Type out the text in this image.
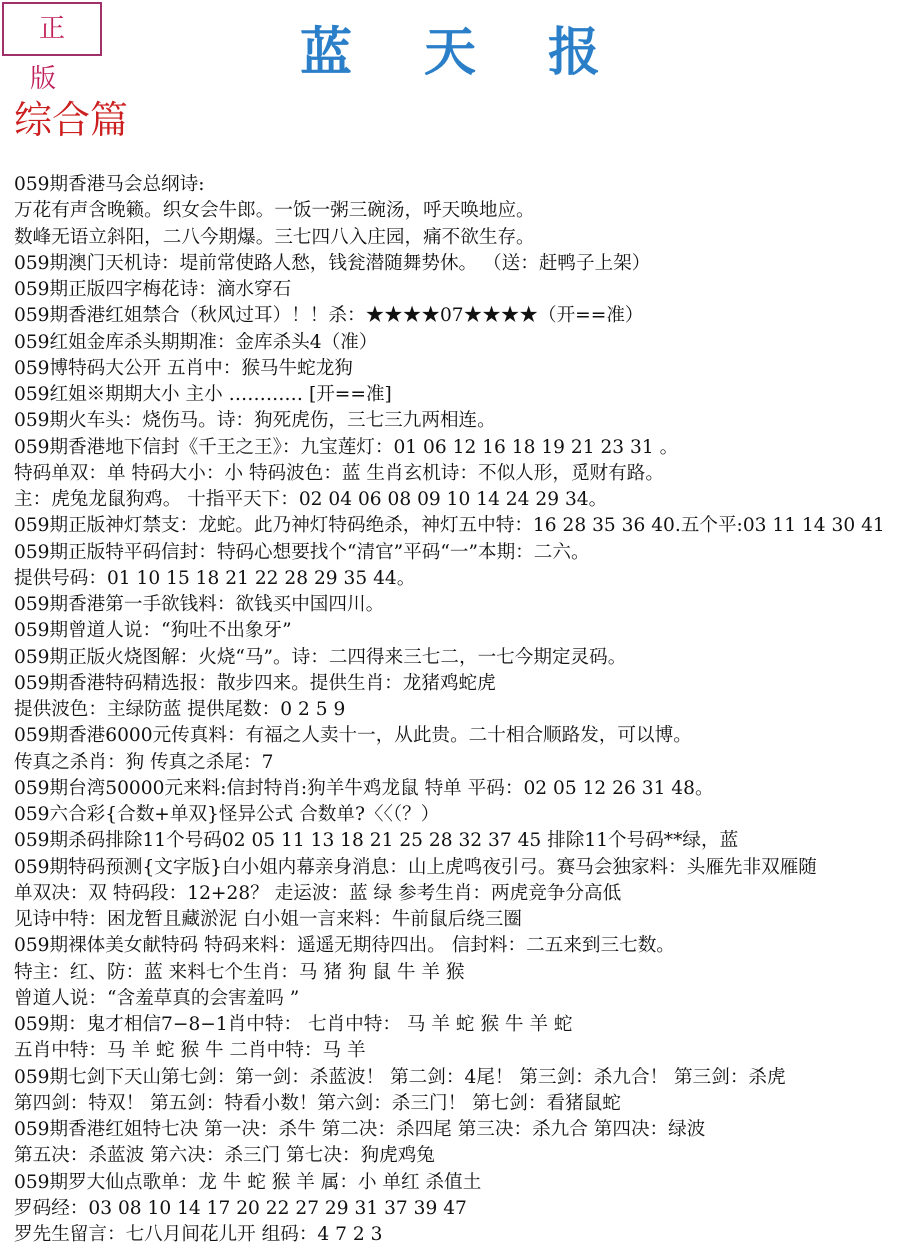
正版	蓝天报
综合篇
059期香港马会总纲诗:
万花有声含晚籁。织女会牛郎。一饭一粥三碗汤，呼天唤地应。
数峰无语立斜阳，二八今期爆。三七四八入庄园，痛不欲生存。
059期澳门天机诗：堤前常使路人愁，钱瓮潜随舞势休。 （送：赶鸭子上架）
059期正版四字梅花诗：滴水穿石
059期香港红姐禁合（秋风过耳）！！杀：★★★★07★★★★（开==准）
059红姐金库杀头期期准：金库杀头4（准）
059博特码大公开 五肖中：猴马牛蛇龙狗
059红姐※期期大小 主小 ………… [开==准]
059期火车头：烧伤马。诗：狗死虎伤，三七三九两相连。
059期香港地下信封《千王之王》：九宝莲灯：01 06 12 16 18 19 21 23 31 。
特码单双：单 特码大小：小 特码波色：蓝 生肖玄机诗：不似人形，觅财有路。
主：虎兔龙鼠狗鸡。 十指平天下：02 04 06 08 09 10 14 24 29 34。
059期正版神灯禁支：龙蛇。此乃神灯特码绝杀，神灯五中特：16 28 35 36 40.五个平:03 11 14 30 41
059期正版特平码信封：特码心想要找个“清官”平码“一”本期：二六。
提供号码：01 10 15 18 21 22 28 29 35 44。
059期香港第一手欲钱料：欲钱买中国四川。
059期曾道人说：“狗吐不出象牙”
059期正版火烧图解：火烧“马”。诗：二四得来三七二，一七今期定灵码。
059期香港特码精选报：散步四来。提供生肖：龙猪鸡蛇虎
提供波色：主绿防蓝 提供尾数：0 2 5 9
059期香港6000元传真料：有福之人卖十一，从此贵。二十相合顺路发，可以博。
传真之杀肖：狗 传真之杀尾：7
059期台湾50000元来料:信封特肖:狗羊牛鸡龙鼠 特单 平码：02 05 12 26 31 48。
059六合彩{合数+单双}怪异公式 合数单?〈〈（？）
059期杀码排除11个号码02 05 11 13 18 21 25 28 32 37 45 排除11个号码**绿，蓝
059期特码预测{文字版}白小姐内幕亲身消息：山上虎鸣夜引弓。赛马会独家料：头雁先非双雁随
单双决：双 特码段：12+28？ 走运波：蓝 绿 参考生肖：两虎竞争分高低
见诗中特：困龙暂且藏淤泥 白小姐一言来料：牛前鼠后绕三圈
059期裸体美女献特码 特码来料：遥遥无期待四出。 信封料：二五来到三七数。
特主：红、防：蓝 来料七个生肖：马 猪 狗 鼠 牛 羊 猴
曾道人说：“含羞草真的会害羞吗 ”
059期：鬼才相信7−8−1肖中特： 七肖中特： 马 羊 蛇 猴 牛 羊 蛇
五肖中特：马 羊 蛇 猴 牛 二肖中特：马 羊
059期七剑下天山第七剑：第一剑：杀蓝波！ 第二剑：4尾！ 第三剑：杀九合！ 第三剑：杀虎
第四剑：特双！ 第五剑：特看小数！第六剑：杀三门！ 第七剑：看猪鼠蛇
059期香港红姐特七决 第一决：杀牛 第二决：杀四尾 第三决：杀九合 第四决：绿波
第五决：杀蓝波 第六决：杀三门 第七决：狗虎鸡兔
059期罗大仙点歌单：龙 牛 蛇 猴 羊 属：小 单红 杀值土
罗码经：03 08 10 14 17 20 22 27 29 31 37 39 47
罗先生留言：七八月间花儿开 组码：4 7 2 3
